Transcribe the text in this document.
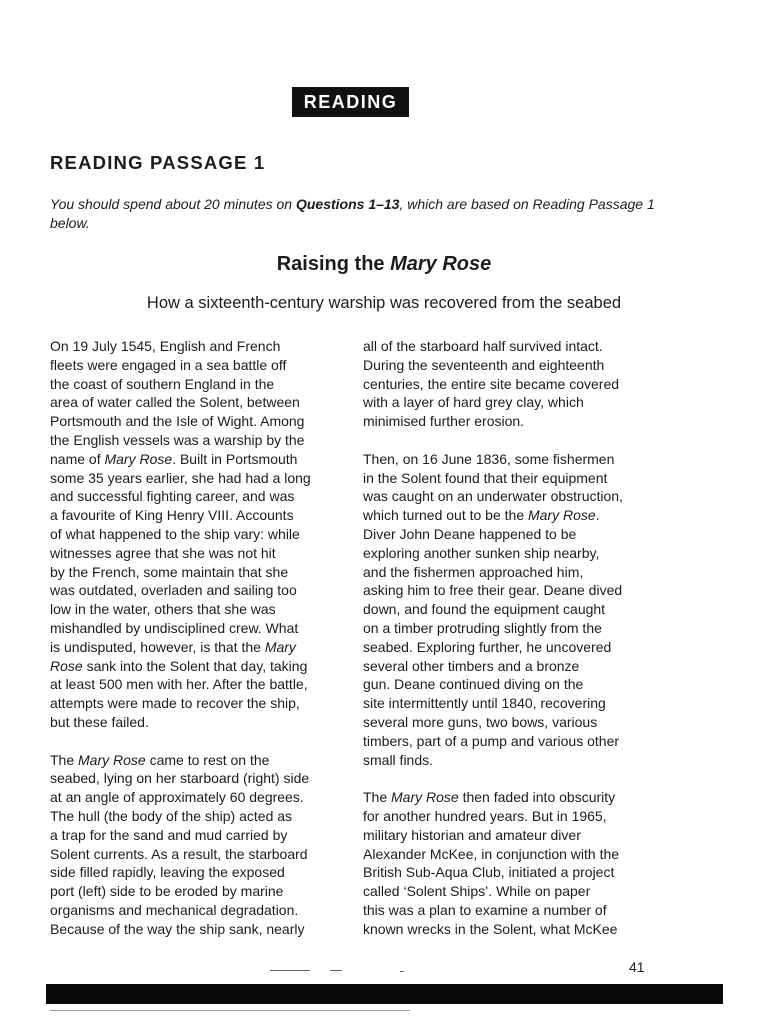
READING
READING PASSAGE 1
You should spend about 20 minutes on Questions 1–13, which are based on Reading Passage 1 below.
Raising the Mary Rose
How a sixteenth-century warship was recovered from the seabed

On 19 July 1545, English and French
fleets were engaged in a sea battle off
the coast of southern England in the
area of water called the Solent, between
Portsmouth and the Isle of Wight. Among
the English vessels was a warship by the
name of Mary Rose. Built in Portsmouth
some 35 years earlier, she had had a long
and successful fighting career, and was
a favourite of King Henry VIII. Accounts
of what happened to the ship vary: while
witnesses agree that she was not hit
by the French, some maintain that she
was outdated, overladen and sailing too
low in the water, others that she was
mishandled by undisciplined crew. What
is undisputed, however, is that the Mary
Rose sank into the Solent that day, taking
at least 500 men with her. After the battle,
attempts were made to recover the ship,
but these failed.

The Mary Rose came to rest on the
seabed, lying on her starboard (right) side
at an angle of approximately 60 degrees.
The hull (the body of the ship) acted as
a trap for the sand and mud carried by
Solent currents. As a result, the starboard
side filled rapidly, leaving the exposed
port (left) side to be eroded by marine
organisms and mechanical degradation.
Because of the way the ship sank, nearly

all of the starboard half survived intact.
During the seventeenth and eighteenth
centuries, the entire site became covered
with a layer of hard grey clay, which
minimised further erosion.

Then, on 16 June 1836, some fishermen
in the Solent found that their equipment
was caught on an underwater obstruction,
which turned out to be the Mary Rose.
Diver John Deane happened to be
exploring another sunken ship nearby,
and the fishermen approached him,
asking him to free their gear. Deane dived
down, and found the equipment caught
on a timber protruding slightly from the
seabed. Exploring further, he uncovered
several other timbers and a bronze
gun. Deane continued diving on the
site intermittently until 1840, recovering
several more guns, two bows, various
timbers, part of a pump and various other
small finds.

The Mary Rose then faded into obscurity
for another hundred years. But in 1965,
military historian and amateur diver
Alexander McKee, in conjunction with the
British Sub-Aqua Club, initiated a project
called ‘Solent Ships’. While on paper
this was a plan to examine a number of
known wrecks in the Solent, what McKee

41
